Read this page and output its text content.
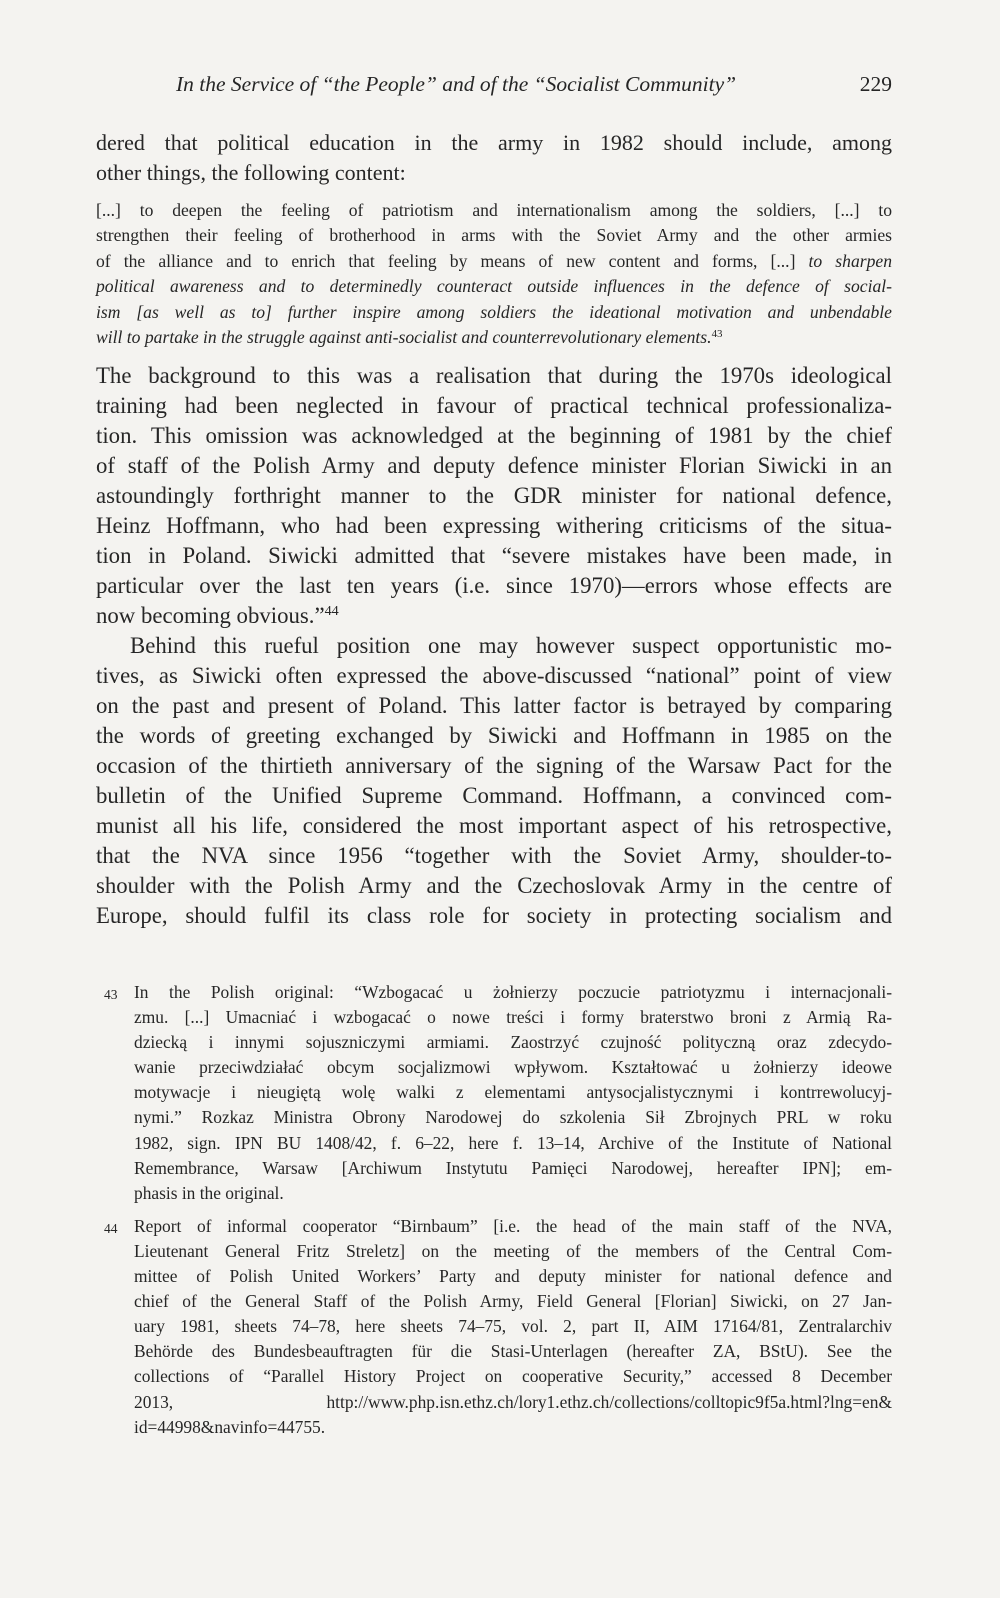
In the Service of “the People” and of the “Socialist Community”	229
dered that political education in the army in 1982 should include, among
other things, the following content:
[...] to deepen the feeling of patriotism and internationalism among the soldiers, [...] to
strengthen their feeling of brotherhood in arms with the Soviet Army and the other armies
of the alliance and to enrich that feeling by means of new content and forms, [...] to sharpen
political awareness and to determinedly counteract outside influences in the defence of social-
ism [as well as to] further inspire among soldiers the ideational motivation and unbendable
will to partake in the struggle against anti-socialist and counterrevolutionary elements.$^{43}$
The background to this was a realisation that during the 1970s ideological
training had been neglected in favour of practical technical professionaliza-
tion. This omission was acknowledged at the beginning of 1981 by the chief
of staff of the Polish Army and deputy defence minister Florian Siwicki in an
astoundingly forthright manner to the GDR minister for national defence,
Heinz Hoffmann, who had been expressing withering criticisms of the situa-
tion in Poland. Siwicki admitted that “severe mistakes have been made, in
particular over the last ten years (i.e. since 1970)—errors whose effects are
now becoming obvious.”$^{44}$
Behind this rueful position one may however suspect opportunistic mo-
tives, as Siwicki often expressed the above-discussed “national” point of view
on the past and present of Poland. This latter factor is betrayed by comparing
the words of greeting exchanged by Siwicki and Hoffmann in 1985 on the
occasion of the thirtieth anniversary of the signing of the Warsaw Pact for the
bulletin of the Unified Supreme Command. Hoffmann, a convinced com-
munist all his life, considered the most important aspect of his retrospective,
that the NVA since 1956 “together with the Soviet Army, shoulder-to-
shoulder with the Polish Army and the Czechoslovak Army in the centre of
Europe, should fulfil its class role for society in protecting socialism and
43 In the Polish original: “Wzbogacać u żołnierzy poczucie patriotyzmu i internacjonali-
zmu. [...] Umacniać i wzbogacać o nowe treści i formy braterstwo broni z Armią Ra-
dziecką i innymi sojuszniczymi armiami. Zaostrzyć czujność polityczną oraz zdecydo-
wanie przeciwdziałać obcym socjalizmowi wpływom. Kształtować u żołnierzy ideowe
motywacje i nieugiętą wolę walki z elementami antysocjalistycznymi i kontrrewolucyj-
nymi.” Rozkaz Ministra Obrony Narodowej do szkolenia Sił Zbrojnych PRL w roku
1982, sign. IPN BU 1408/42, f. 6–22, here f. 13–14, Archive of the Institute of National
Remembrance, Warsaw [Archiwum Instytutu Pamięci Narodowej, hereafter IPN]; em-
phasis in the original.
44 Report of informal cooperator “Birnbaum” [i.e. the head of the main staff of the NVA,
Lieutenant General Fritz Streletz] on the meeting of the members of the Central Com-
mittee of Polish United Workers’ Party and deputy minister for national defence and
chief of the General Staff of the Polish Army, Field General [Florian] Siwicki, on 27 Jan-
uary 1981, sheets 74–78, here sheets 74–75, vol. 2, part II, AIM 17164/81, Zentralarchiv
Behörde des Bundesbeauftragten für die Stasi-Unterlagen (hereafter ZA, BStU). See the
collections of “Parallel History Project on cooperative Security,” accessed 8 December
2013, http://www.php.isn.ethz.ch/lory1.ethz.ch/collections/colltopic9f5a.html?lng=en&
id=44998&navinfo=44755.
